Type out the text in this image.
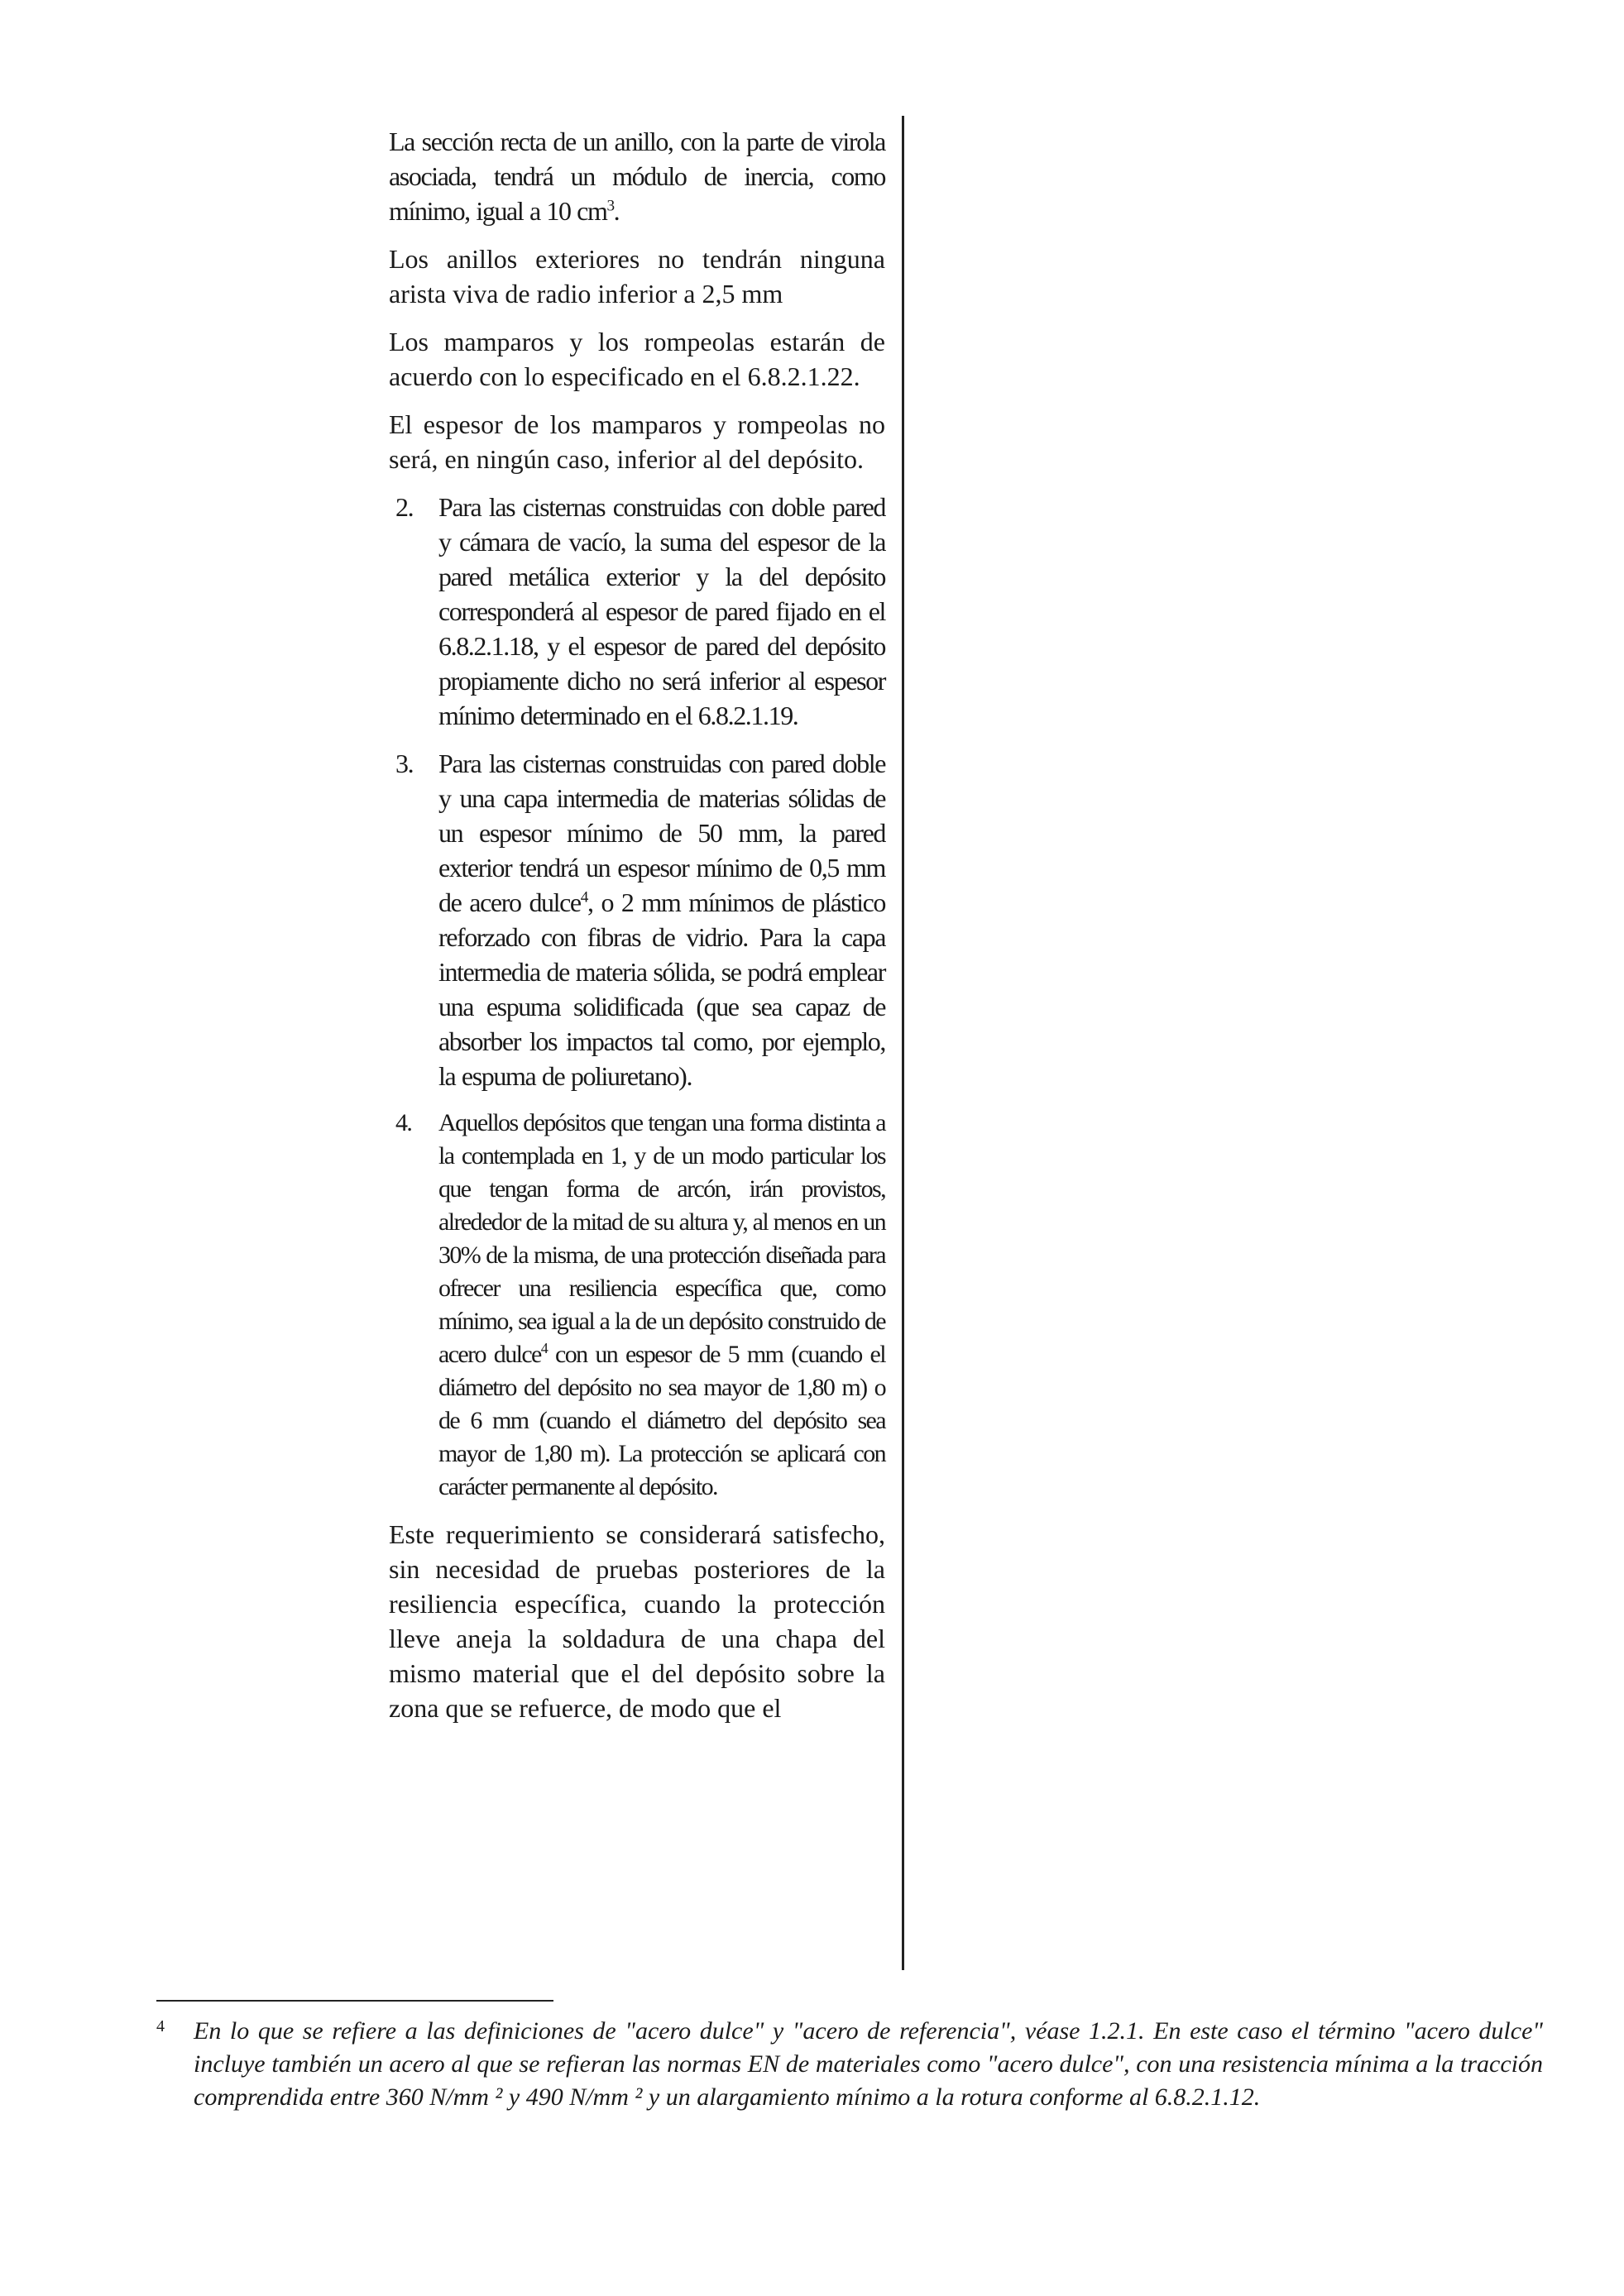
La sección recta de un anillo, con la parte de virola asociada, tendrá un módulo de inercia, como mínimo, igual a 10 $cm^3$.

Los anillos exteriores no tendrán ninguna arista viva de radio inferior a 2,5 mm

Los mamparos y los rompeolas estarán de acuerdo con lo especificado en el 6.8.2.1.22.

El espesor de los mamparos y rompeolas no será, en ningún caso, inferior al del depósito.

2. Para las cisternas construidas con doble pared y cámara de vacío, la suma del espesor de la pared metálica exterior y la del depósito corresponderá al espesor de pared fijado en el 6.8.2.1.18, y el espesor de pared del depósito propiamente dicho no será inferior al espesor mínimo determinado en el 6.8.2.1.19.
3. Para las cisternas construidas con pared doble y una capa intermedia de materias sólidas de un espesor mínimo de 50 mm, la pared exterior tendrá un espesor mínimo de 0,5 mm de acero dulce$^4$, o 2 mm mínimos de plástico reforzado con fibras de vidrio. Para la capa intermedia de materia sólida, se podrá emplear una espuma solidificada (que sea capaz de absorber los impactos tal como, por ejemplo, la espuma de poliuretano).
4. Aquellos depósitos que tengan una forma distinta a la contemplada en 1, y de un modo particular los que tengan forma de arcón, irán provistos, alrededor de la mitad de su altura y, al menos en un 30% de la misma, de una protección diseñada para ofrecer una resiliencia específica que, como mínimo, sea igual a la de un depósito construido de acero dulce$^4$ con un espesor de 5 mm (cuando el diámetro del depósito no sea mayor de 1,80 m) o de 6 mm (cuando el diámetro del depósito sea mayor de 1,80 m). La protección se aplicará con carácter permanente al depósito.

Este requerimiento se considerará satisfecho, sin necesidad de pruebas posteriores de la resiliencia específica, cuando la protección lleve aneja la soldadura de una chapa del mismo material que el del depósito sobre la zona que se refuerce, de modo que el

4 En lo que se refiere a las definiciones de "acero dulce" y "acero de referencia", véase 1.2.1. En este caso el término "acero dulce" incluye también un acero al que se refieran las normas EN de materiales como "acero dulce", con una resistencia mínima a la tracción comprendida entre 360 N/mm ² y 490 N/mm ² y un alargamiento mínimo a la rotura conforme al 6.8.2.1.12.
